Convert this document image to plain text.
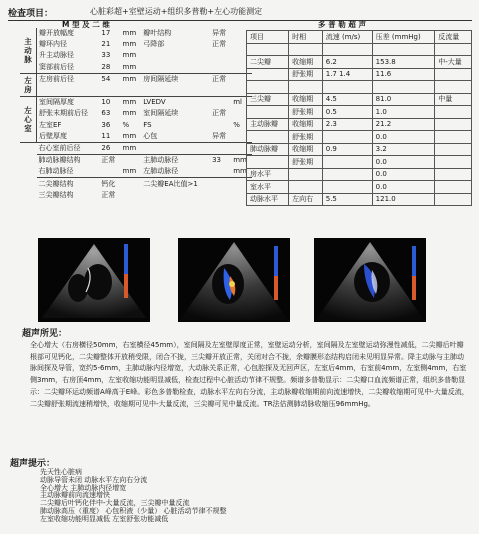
检查项目：	心脏彩超+室壁运动+组织多普勒+左心功能测定
M 型 及 二 维	多 普 勒 超 声
主动脉	瓣开放幅度	17	mm	瓣叶结构	异常	
	瓣环内径	21	mm	弓降部	正常	
	升主动脉径	33	mm			
	窦部前后径	28	mm			
左房	左房前后径	54	mm	房间隔延续	正常	

左心室	室间隔厚度	10	mm	LVEDV		ml
	舒张末期前后径	63	mm	室间隔延续	正常	
	左室EF	36	%	FS		%
	后壁厚度	11	mm	心包	异常	
	右心室前后径	26	mm			
	肺动脉瓣结构	正常		主肺动脉径	33	mm
	右肺动脉径		mm	左肺动脉径		mm
	二尖瓣结构	钙化		二尖瓣EA比值>1		
	三尖瓣结构	正常				
项目	时相	流速 (m/s)	压差 (mmHg)	反流量

二尖瓣	收缩期	6.2	153.8	中-大量
	舒张期	1.7 1.4	11.6	

三尖瓣	收缩期	4.5	81.0	中量
	舒张期	0.5	1.0	
主动脉瓣	收缩期	2.3	21.2	
	舒张期		0.0	
肺动脉瓣	收缩期	0.9	3.2	
	舒张期		0.0	
房水平			0.0	
室水平			0.0	
动脉水平	左向右	5.5	121.0	
超声所见：
全心增大（右房横径50mm，右室横径45mm），室间隔及左室壁厚度正常，室壁运动分析，室间隔及左室壁运动弥漫性减低，二尖瓣后叶瓣根部可见钙化，二尖瓣整体开放稍受限，闭合不拢，三尖瓣开放正常，关闭对合不拢，余瓣膜形态结构启闭未见明显异常。降主动脉与主肺动脉间探及导管，宽约5-6mm，主肺动脉内径增宽，大动脉关系正常，心包腔探及无回声区，左室后4mm，右室前4mm，左室侧4mm，右室侧3mm，右房顶4mm，左室收缩功能明显减低，检查过程中心脏活动节律不规整。频谱多普勒显示：二尖瓣口血流频谱正常，组织多普勒显示：二尖瓣环运动频谱A峰高于E峰。彩色多普勒检查，动脉水平左向右分流，主动脉瓣收缩期前向流速增快，二尖瓣收缩期可见中-大量反流，二尖瓣舒张期流速稍增快，收缩期可见中-大量反流，三尖瓣可见中量反流。TR法估测肺动脉收缩压96mmHg。
超声提示：
先天性心脏病
动脉导管未闭 动脉水平左向右分流
全心增大 主肺动脉内径增宽
主动脉瓣前向流速增快
二尖瓣后叶钙化伴中-大量反流，三尖瓣中量反流
肺动脉高压（重度） 心包积液（少量） 心脏活动节律不规整
左室收缩功能明显减低 左室舒张功能减低
